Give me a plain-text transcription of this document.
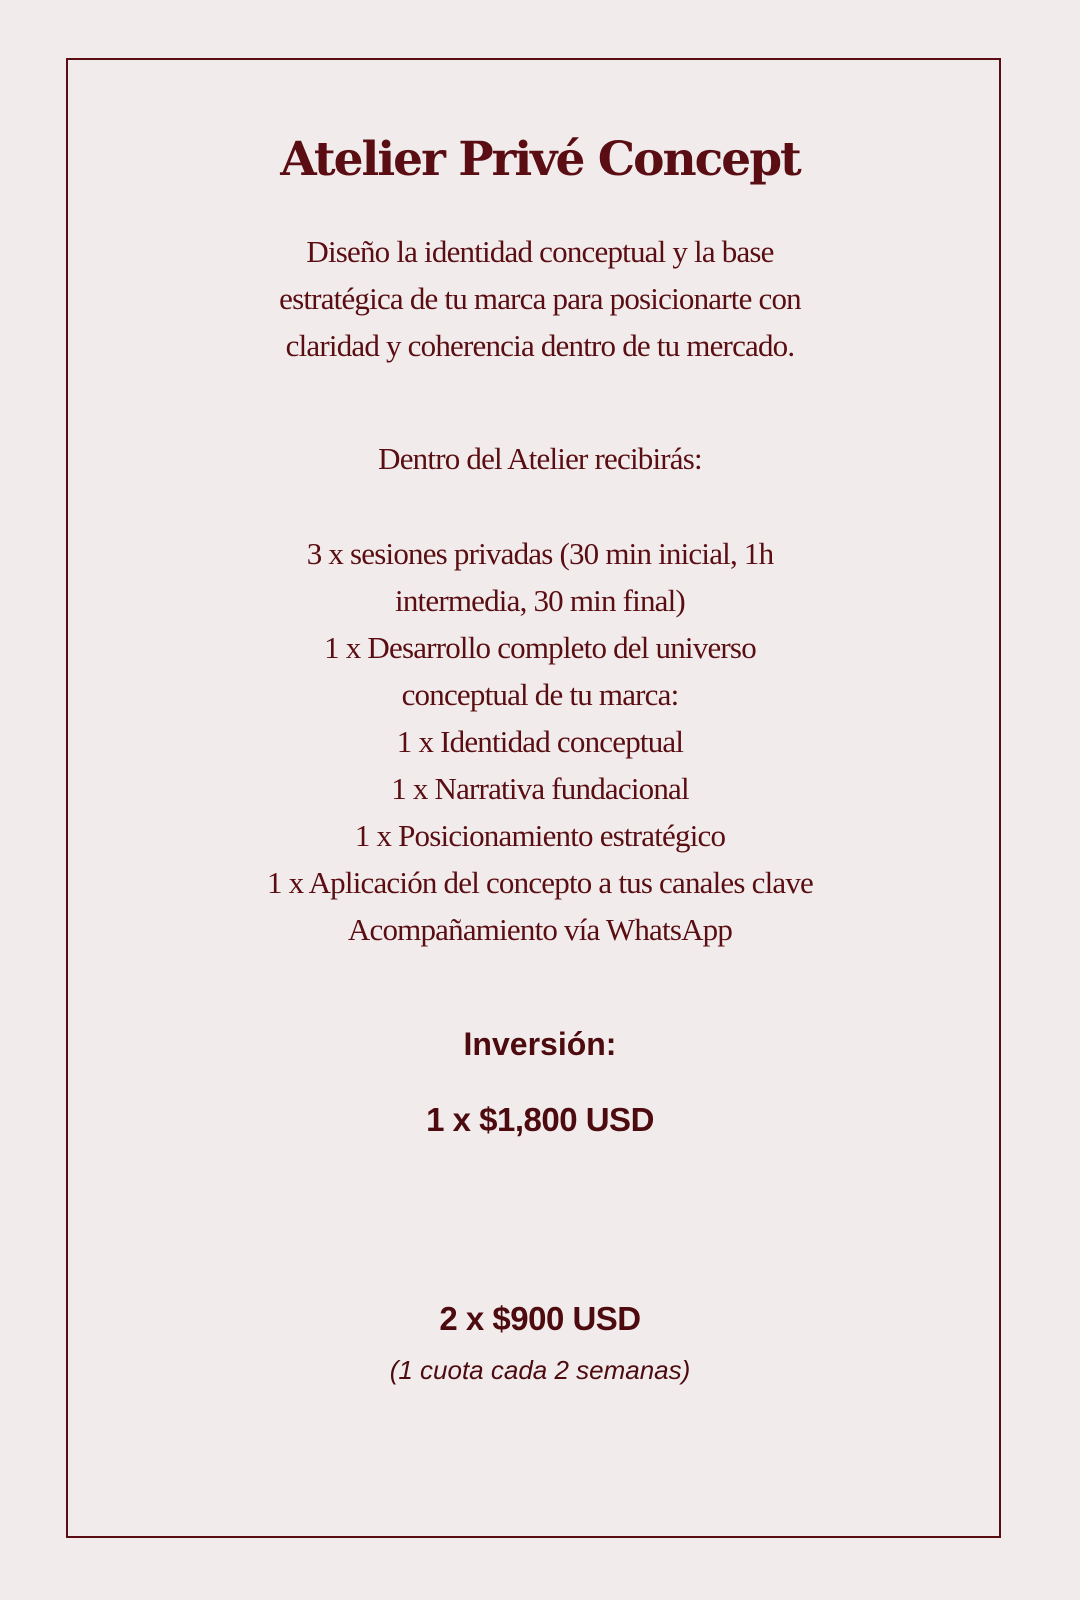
Atelier Privé Concept

Diseño la identidad conceptual y la base
estratégica de tu marca para posicionarte con
claridad y coherencia dentro de tu mercado.

Dentro del Atelier recibirás:

3 x sesiones privadas (30 min inicial, 1h
intermedia, 30 min final)
1 x Desarrollo completo del universo
conceptual de tu marca:
1 x Identidad conceptual
1 x Narrativa fundacional
1 x Posicionamiento estratégico
1 x Aplicación del concepto a tus canales clave
Acompañamiento vía WhatsApp

Inversión:

1 x $1,800 USD

2 x $900 USD

(1 cuota cada 2 semanas)
